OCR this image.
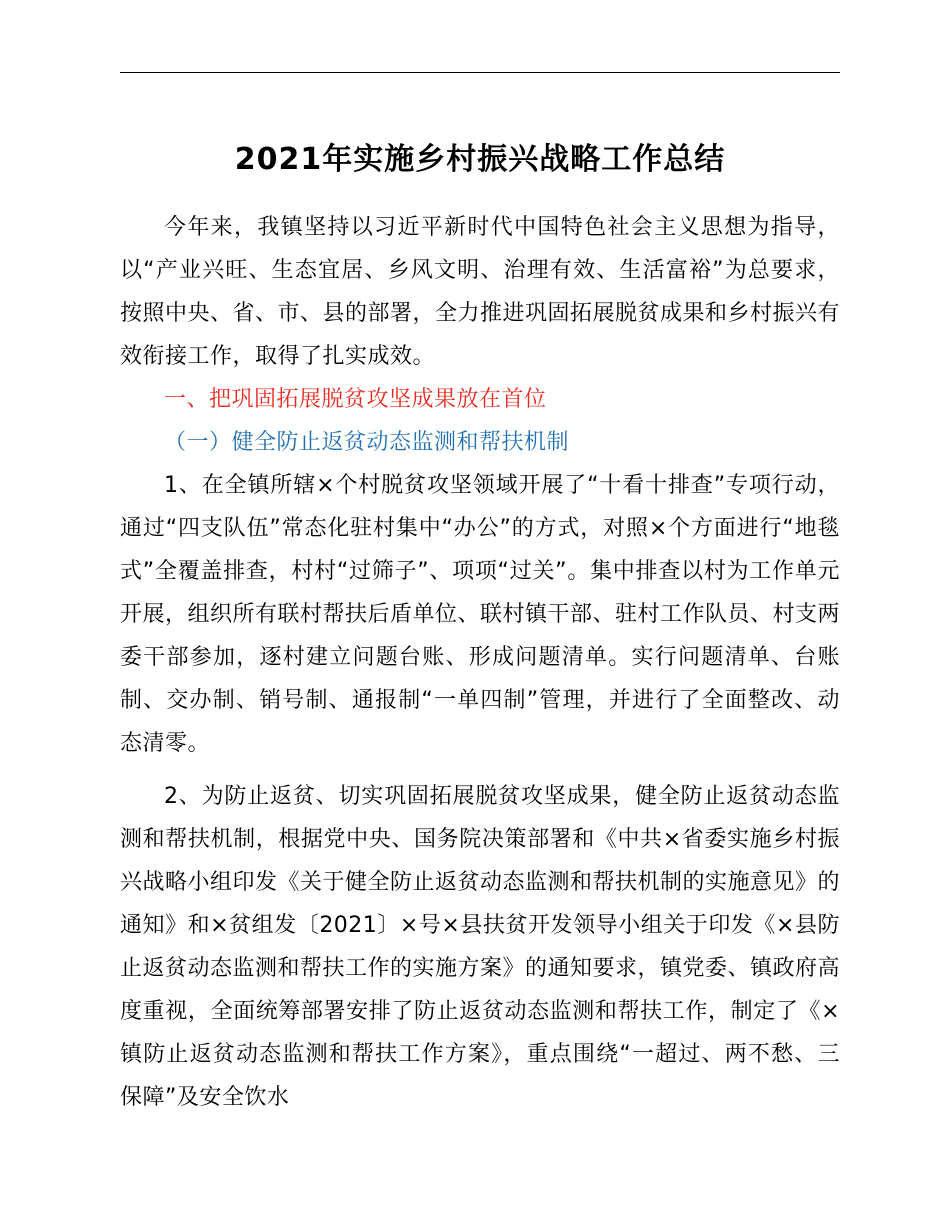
2021年实施乡村振兴战略工作总结

今年来，我镇坚持以习近平新时代中国特色社会主义思想为指导，以“产业兴旺、生态宜居、乡风文明、治理有效、生活富裕”为总要求，按照中央、省、市、县的部署，全力推进巩固拓展脱贫成果和乡村振兴有效衔接工作，取得了扎实成效。

一、把巩固拓展脱贫攻坚成果放在首位

（一）健全防止返贫动态监测和帮扶机制

1、在全镇所辖×个村脱贫攻坚领域开展了“十看十排查”专项行动，通过“四支队伍”常态化驻村集中“办公”的方式，对照×个方面进行“地毯式”全覆盖排查，村村“过筛子”、项项“过关”。集中排查以村为工作单元开展，组织所有联村帮扶后盾单位、联村镇干部、驻村工作队员、村支两委干部参加，逐村建立问题台账、形成问题清单。实行问题清单、台账制、交办制、销号制、通报制“一单四制”管理，并进行了全面整改、动态清零。

2、为防止返贫、切实巩固拓展脱贫攻坚成果，健全防止返贫动态监测和帮扶机制，根据党中央、国务院决策部署和《中共×省委实施乡村振兴战略小组印发《关于健全防止返贫动态监测和帮扶机制的实施意见》的通知》和×贫组发〔2021〕×号×县扶贫开发领导小组关于印发《×县防止返贫动态监测和帮扶工作的实施方案》的通知要求，镇党委、镇政府高度重视，全面统筹部署安排了防止返贫动态监测和帮扶工作，制定了《×镇防止返贫动态监测和帮扶工作方案》，重点围绕“一超过、两不愁、三保障”及安全饮水
